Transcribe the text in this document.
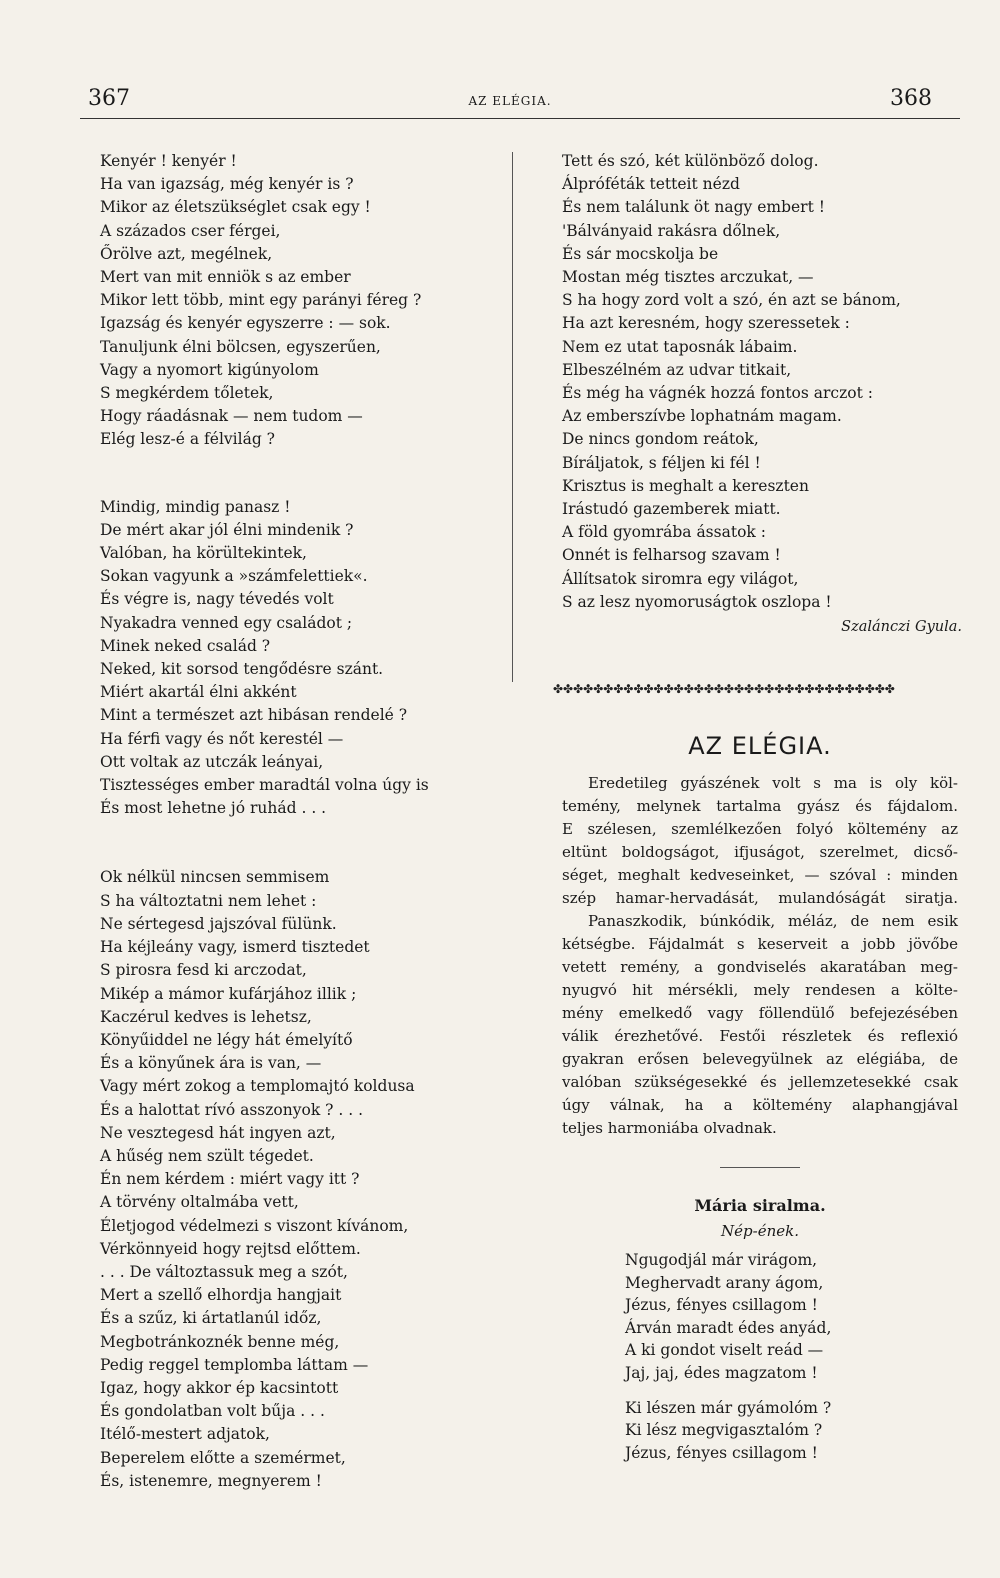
367	AZ ELÉGIA.	368
Kenyér ! kenyér !
Ha van igazság, még kenyér is ?
Mikor az életszükséglet csak egy !
A százados cser férgei,
Őrölve azt, megélnek,
Mert van mit enniök s az ember
Mikor lett több, mint egy parányi féreg ?
Igazság és kenyér egyszerre : — sok.
Tanuljunk élni bölcsen, egyszerűen,
Vagy a nyomort kigúnyolom
S megkérdem tőletek,
Hogy ráadásnak — nem tudom —
Elég lesz-é a félvilág ?
Mindig, mindig panasz !
De mért akar jól élni mindenik ?
Valóban, ha körültekintek,
Sokan vagyunk a »számfelettiek«.
És végre is, nagy tévedés volt
Nyakadra venned egy családot ;
Minek neked család ?
Neked, kit sorsod tengődésre szánt.
Miért akartál élni akként
Mint a természet azt hibásan rendelé ?
Ha férfi vagy és nőt kerestél —
Ott voltak az utczák leányai,
Tisztességes ember maradtál volna úgy is
És most lehetne jó ruhád . . .
Ok nélkül nincsen semmisem
S ha változtatni nem lehet :
Ne sértegesd jajszóval fülünk.
Ha kéjleány vagy, ismerd tisztedet
S pirosra fesd ki arczodat,
Mikép a mámor kufárjához illik ;
Kaczérul kedves is lehetsz,
Könyűiddel ne légy hát émelyítő
És a könyűnek ára is van, —
Vagy mért zokog a templomajtó koldusa
És a halottat rívó asszonyok ? . . .
Ne vesztegesd hát ingyen azt,
A hűség nem szült tégedet.
Én nem kérdem : miért vagy itt ?
A törvény oltalmába vett,
Életjogod védelmezi s viszont kívánom,
Vérkönnyeid hogy rejtsd előttem.
. . . De változtassuk meg a szót,
Mert a szellő elhordja hangjait
És a szűz, ki ártatlanúl időz,
Megbotránkoznék benne még,
Pedig reggel templomba láttam —
Igaz, hogy akkor ép kacsintott
És gondolatban volt bűja . . .
Itélő-mestert adjatok,
Beperelem előtte a szemérmet,
És, istenemre, megnyerem !
Tett és szó, két különböző dolog.
Álpróféták tetteit nézd
És nem találunk öt nagy embert !
'Bálványaid rakásra dőlnek,
És sár mocskolja be
Mostan még tisztes arczukat, —
S ha hogy zord volt a szó, én azt se bánom,
Ha azt keresném, hogy szeressetek :
Nem ez utat taposnák lábaim.
Elbeszélném az udvar titkait,
És még ha vágnék hozzá fontos arczot :
Az emberszívbe lophatnám magam.
De nincs gondom reátok,
Bíráljatok, s féljen ki fél !
Krisztus is meghalt a kereszten
Irástudó gazemberek miatt.
A föld gyomrába ássatok :
Onnét is felharsog szavam !
Állítsatok siromra egy világot,
S az lesz nyomoruságtok oszlopa !
Szalánczi Gyula.
✤✤✤✤✤✤✤✤✤✤✤✤✤✤✤✤✤✤✤✤✤✤✤✤✤✤✤✤✤✤✤✤✤✤
AZ ELÉGIA.
Eredetileg gyászének volt s ma is oly köl-
temény, melynek tartalma gyász és fájdalom.
E szélesen, szemlélkezően folyó költemény az
eltünt boldogságot, ifjuságot, szerelmet, dicső-
séget, meghalt kedveseinket, — szóval : minden
szép hamar-hervadását, mulandóságát siratja.
Panaszkodik, búnkódik, méláz, de nem esik
kétségbe. Fájdalmát s keserveit a jobb jövőbe
vetett remény, a gondviselés akaratában meg-
nyugvó hit mérsékli, mely rendesen a költe-
mény emelkedő vagy föllendülő befejezésében
válik érezhetővé. Festői részletek és reflexió
gyakran erősen belevegyülnek az elégiába, de
valóban szükségesekké és jellemzetesekké csak
úgy válnak, ha a költemény alaphangjával
teljes harmoniába olvadnak.
Mária siralma.
Nép-ének.
Ngugodjál már virágom,
Meghervadt arany ágom,
Jézus, fényes csillagom !
Árván maradt édes anyád,
A ki gondot viselt reád —
Jaj, jaj, édes magzatom !
Ki lészen már gyámolóm ?
Ki lész megvigasztalóm ?
Jézus, fényes csillagom !
